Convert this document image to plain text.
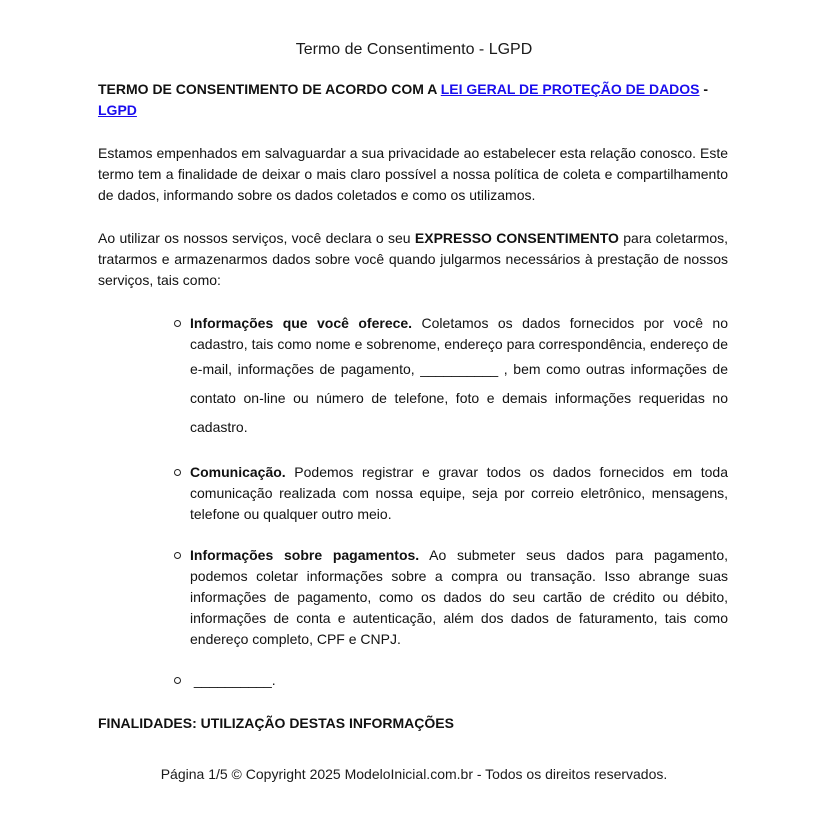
Termo de Consentimento - LGPD

TERMO DE CONSENTIMENTO DE ACORDO COM A LEI GERAL DE PROTEÇÃO DE DADOS - LGPD

Estamos empenhados em salvaguardar a sua privacidade ao estabelecer esta relação conosco. Este termo tem a finalidade de deixar o mais claro possível a nossa política de coleta e compartilhamento de dados, informando sobre os dados coletados e como os utilizamos.

Ao utilizar os nossos serviços, você declara o seu EXPRESSO CONSENTIMENTO para coletarmos, tratarmos e armazenarmos dados sobre você quando julgarmos necessários à prestação de nossos serviços, tais como:

Informações que você oferece. Coletamos os dados fornecidos por você no cadastro, tais como nome e sobrenome, endereço para correspondência, endereço de e-mail, informações de pagamento, __________ , bem como outras informações de contato on-line ou número de telefone, foto e demais informações requeridas no cadastro.
Comunicação. Podemos registrar e gravar todos os dados fornecidos em toda comunicação realizada com nossa equipe, seja por correio eletrônico, mensagens, telefone ou qualquer outro meio.
Informações sobre pagamentos. Ao submeter seus dados para pagamento, podemos coletar informações sobre a compra ou transação. Isso abrange suas informações de pagamento, como os dados do seu cartão de crédito ou débito, informações de conta e autenticação, além dos dados de faturamento, tais como endereço completo, CPF e CNPJ.
__________.

FINALIDADES: UTILIZAÇÃO DESTAS INFORMAÇÕES

Página 1/5 © Copyright 2025 ModeloInicial.com.br - Todos os direitos reservados.
